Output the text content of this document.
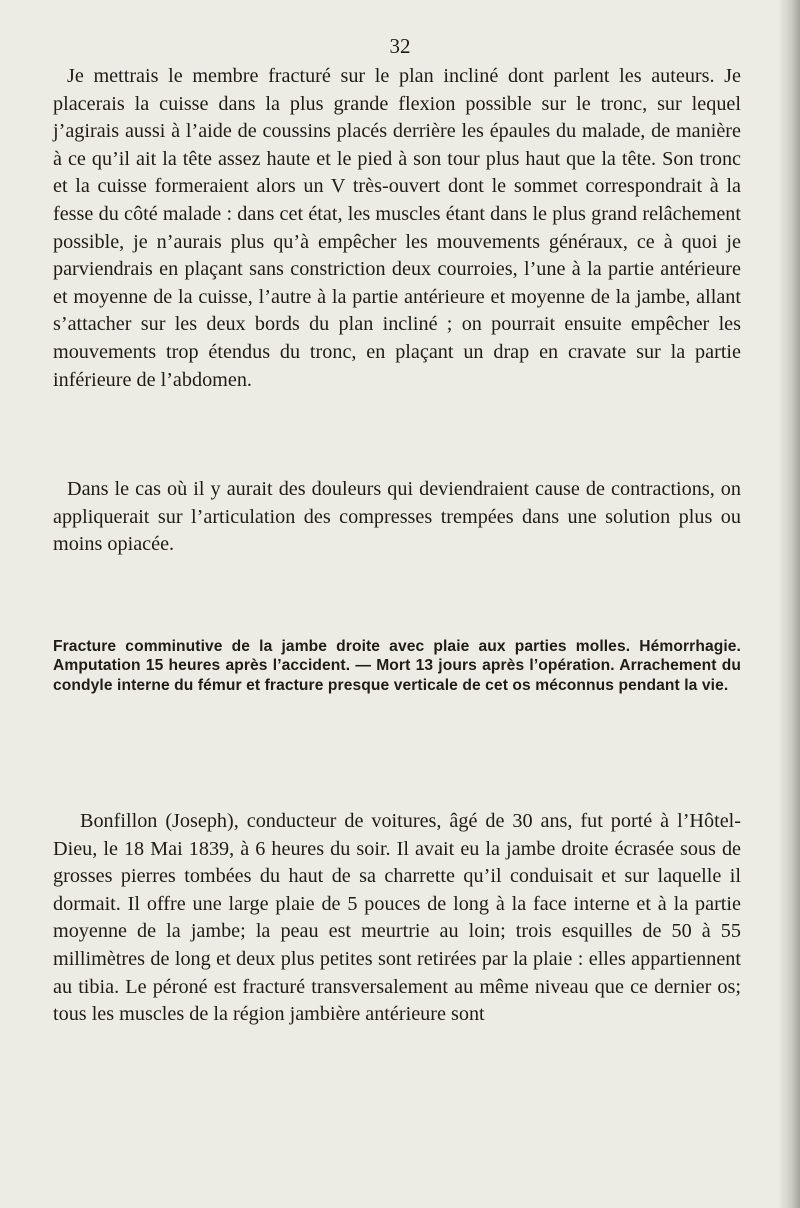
32

Je mettrais le membre fracturé sur le plan incliné dont parlent les auteurs. Je placerais la cuisse dans la plus grande flexion possible sur le tronc, sur lequel j’agirais aussi à l’aide de coussins placés derrière les épaules du malade, de manière à ce qu’il ait la tête assez haute et le pied à son tour plus haut que la tête. Son tronc et la cuisse formeraient alors un V très-ouvert dont le sommet correspondrait à la fesse du côté malade : dans cet état, les muscles étant dans le plus grand relâchement possible, je n’aurais plus qu’à empêcher les mouvements généraux, ce à quoi je parviendrais en plaçant sans constriction deux courroies, l’une à la partie antérieure et moyenne de la cuisse, l’autre à la partie antérieure et moyenne de la jambe, allant s’attacher sur les deux bords du plan incliné ; on pourrait ensuite empêcher les mouvements trop étendus du tronc, en plaçant un drap en cravate sur la partie inférieure de l’abdomen.

Dans le cas où il y aurait des douleurs qui deviendraient cause de contractions, on appliquerait sur l’articulation des compresses trempées dans une solution plus ou moins opiacée.

Fracture comminutive de la jambe droite avec plaie aux parties molles. Hémorrhagie. Amputation 15 heures après l’accident. — Mort 13 jours après l’opération. Arrachement du condyle interne du fémur et fracture presque verticale de cet os méconnus pendant la vie.

Bonfillon (Joseph), conducteur de voitures, âgé de 30 ans, fut porté à l’Hôtel-Dieu, le 18 Mai 1839, à 6 heures du soir. Il avait eu la jambe droite écrasée sous de grosses pierres tombées du haut de sa charrette qu’il conduisait et sur laquelle il dormait. Il offre une large plaie de 5 pouces de long à la face interne et à la partie moyenne de la jambe; la peau est meurtrie au loin; trois esquilles de 50 à 55 millimètres de long et deux plus petites sont retirées par la plaie : elles appartiennent au tibia. Le péroné est fracturé transversalement au même niveau que ce dernier os; tous les muscles de la région jambière antérieure sont
